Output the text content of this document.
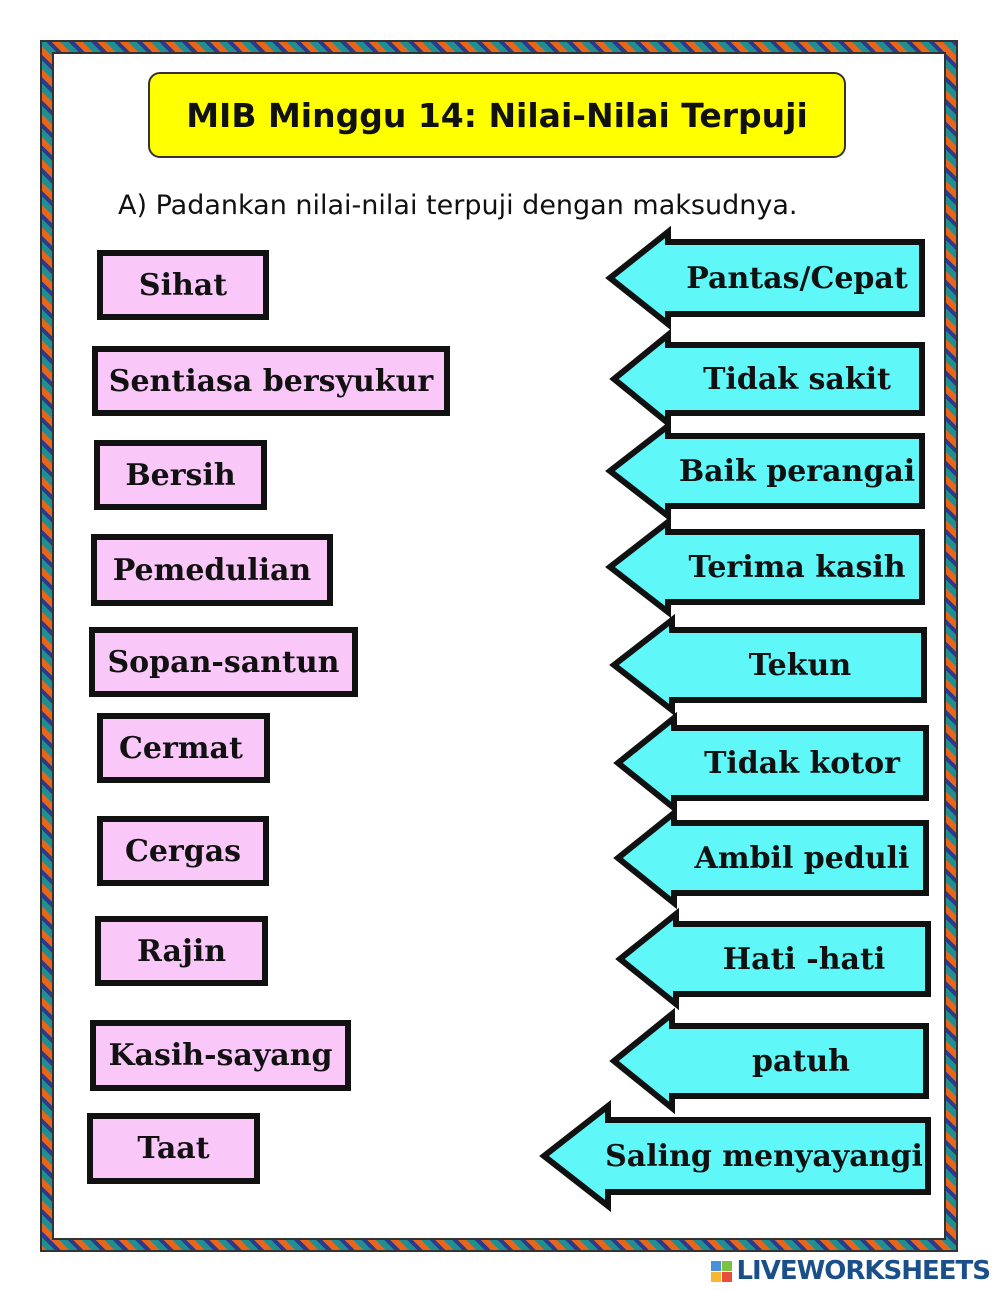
MIB Minggu 14: Nilai-Nilai Terpuji
A) Padankan nilai-nilai terpuji dengan maksudnya.
Sihat
Sentiasa bersyukur
Bersih
Pemedulian
Sopan-santun
Cermat
Cergas
Rajin
Kasih-sayang
Taat
Pantas/Cepat
Tidak sakit
Baik perangai
Terima kasih
Tekun
Tidak kotor
Ambil peduli
Hati -hati
patuh
Saling menyayangi
LIVEWORKSHEETS
